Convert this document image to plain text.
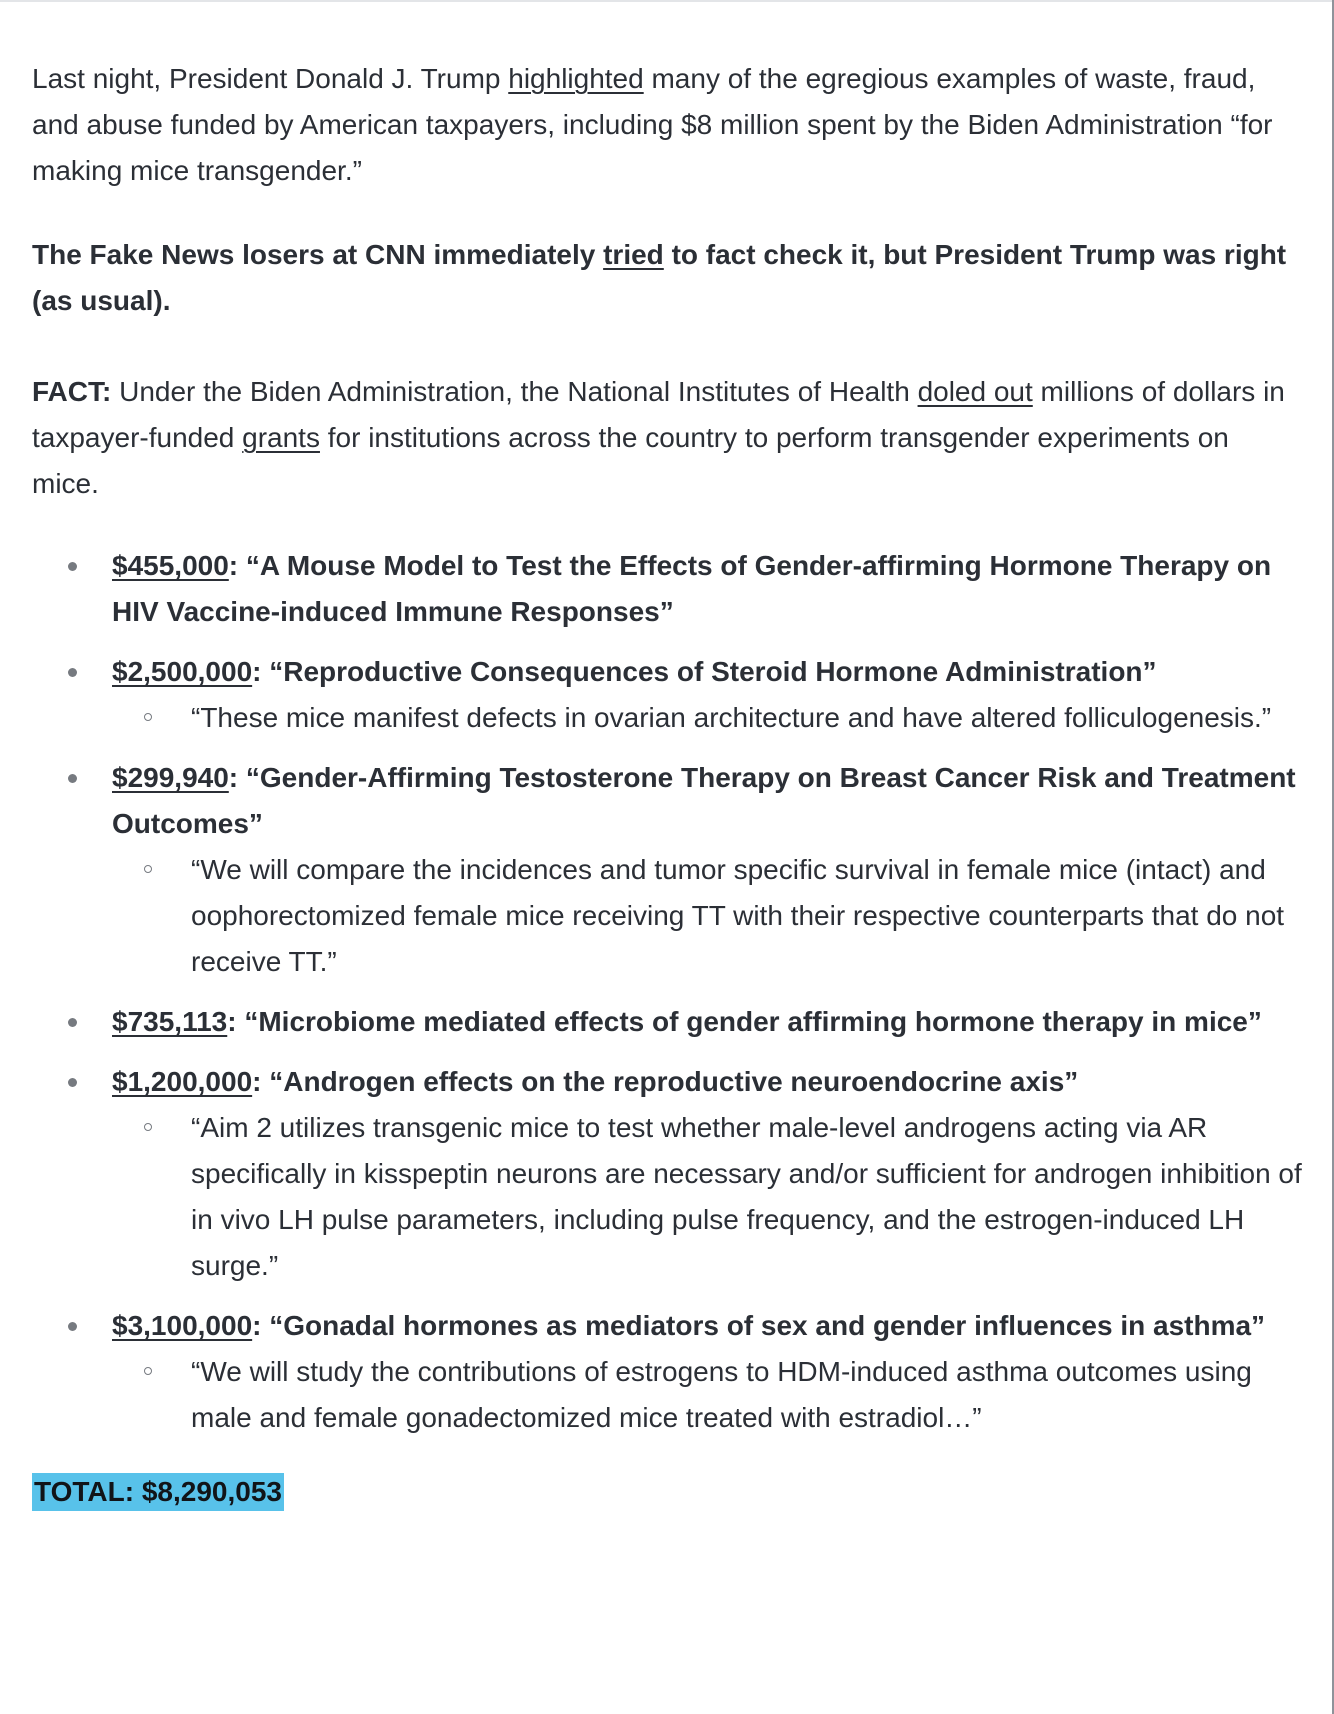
Last night, President Donald J. Trump highlighted many of the egregious examples of waste, fraud, and abuse funded by American taxpayers, including $8 million spent by the Biden Administration “for making mice transgender.”

The Fake News losers at CNN immediately tried to fact check it, but President Trump was right (as usual).

FACT: Under the Biden Administration, the National Institutes of Health doled out millions of dollars in taxpayer-funded grants for institutions across the country to perform transgender experiments on mice.

$455,000: “A Mouse Model to Test the Effects of Gender-affirming Hormone Therapy on HIV Vaccine-induced Immune Responses”
$2,500,000: “Reproductive Consequences of Steroid Hormone Administration”
“These mice manifest defects in ovarian architecture and have altered folliculogenesis.”
$299,940: “Gender-Affirming Testosterone Therapy on Breast Cancer Risk and Treatment Outcomes”
“We will compare the incidences and tumor specific survival in female mice (intact) and oophorectomized female mice receiving TT with their respective counterparts that do not receive TT.”
$735,113: “Microbiome mediated effects of gender affirming hormone therapy in mice”
$1,200,000: “Androgen effects on the reproductive neuroendocrine axis”
“Aim 2 utilizes transgenic mice to test whether male-level androgens acting via AR specifically in kisspeptin neurons are necessary and/or sufficient for androgen inhibition of in vivo LH pulse parameters, including pulse frequency, and the estrogen-induced LH surge.”
$3,100,000: “Gonadal hormones as mediators of sex and gender influences in asthma”
“We will study the contributions of estrogens to HDM-induced asthma outcomes using male and female gonadectomized mice treated with estradiol…”
TOTAL: $8,290,053
